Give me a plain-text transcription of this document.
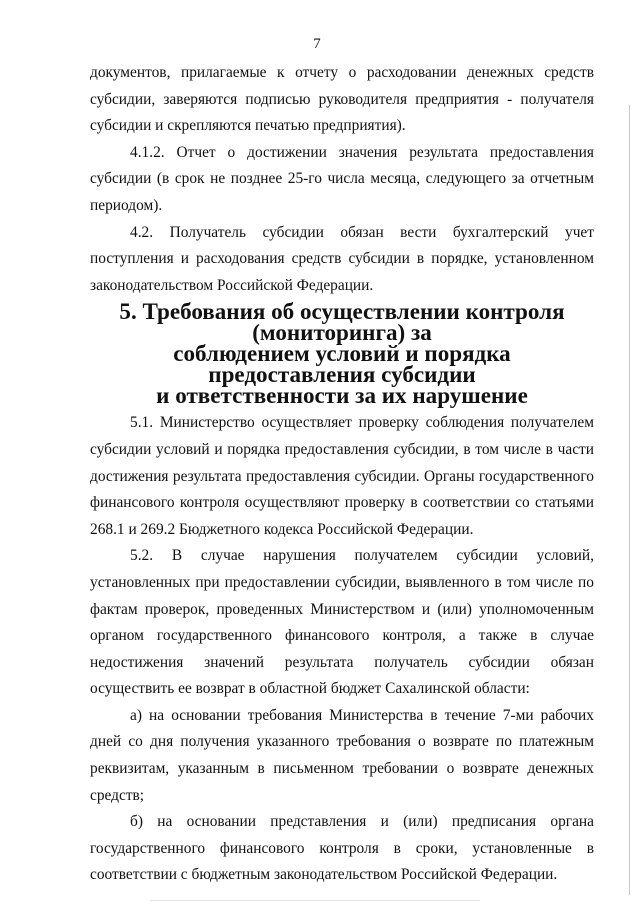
7

документов, прилагаемые к отчету о расходовании денежных средств субсидии, заверяются подписью руководителя предприятия - получателя субсидии и скрепляются печатью предприятия).

4.1.2. Отчет о достижении значения результата предоставления субсидии (в срок не позднее 25-го числа месяца, следующего за отчетным периодом).

4.2. Получатель субсидии обязан вести бухгалтерский учет поступления и расходования средств субсидии в порядке, установленном законодательством Российской Федерации.

5. Требования об осуществлении контроля (мониторинга) за
соблюдением условий и порядка предоставления субсидии
и ответственности за их нарушение

5.1. Министерство осуществляет проверку соблюдения получателем субсидии условий и порядка предоставления субсидии, в том числе в части достижения результата предоставления субсидии. Органы государственного финансового контроля осуществляют проверку в соответствии со статьями 268.1 и 269.2 Бюджетного кодекса Российской Федерации.

5.2. В случае нарушения получателем субсидии условий, установленных при предоставлении субсидии, выявленного в том числе по фактам проверок, проведенных Министерством и (или) уполномоченным органом государственного финансового контроля, а также в случае недостижения значений результата получатель субсидии обязан осуществить ее возврат в областной бюджет Сахалинской области:

а) на основании требования Министерства в течение 7-ми рабочих дней со дня получения указанного требования о возврате по платежным реквизитам, указанным в письменном требовании о возврате денежных средств;

б) на основании представления и (или) предписания органа государственного финансового контроля в сроки, установленные в соответствии с бюджетным законодательством Российской Федерации.
